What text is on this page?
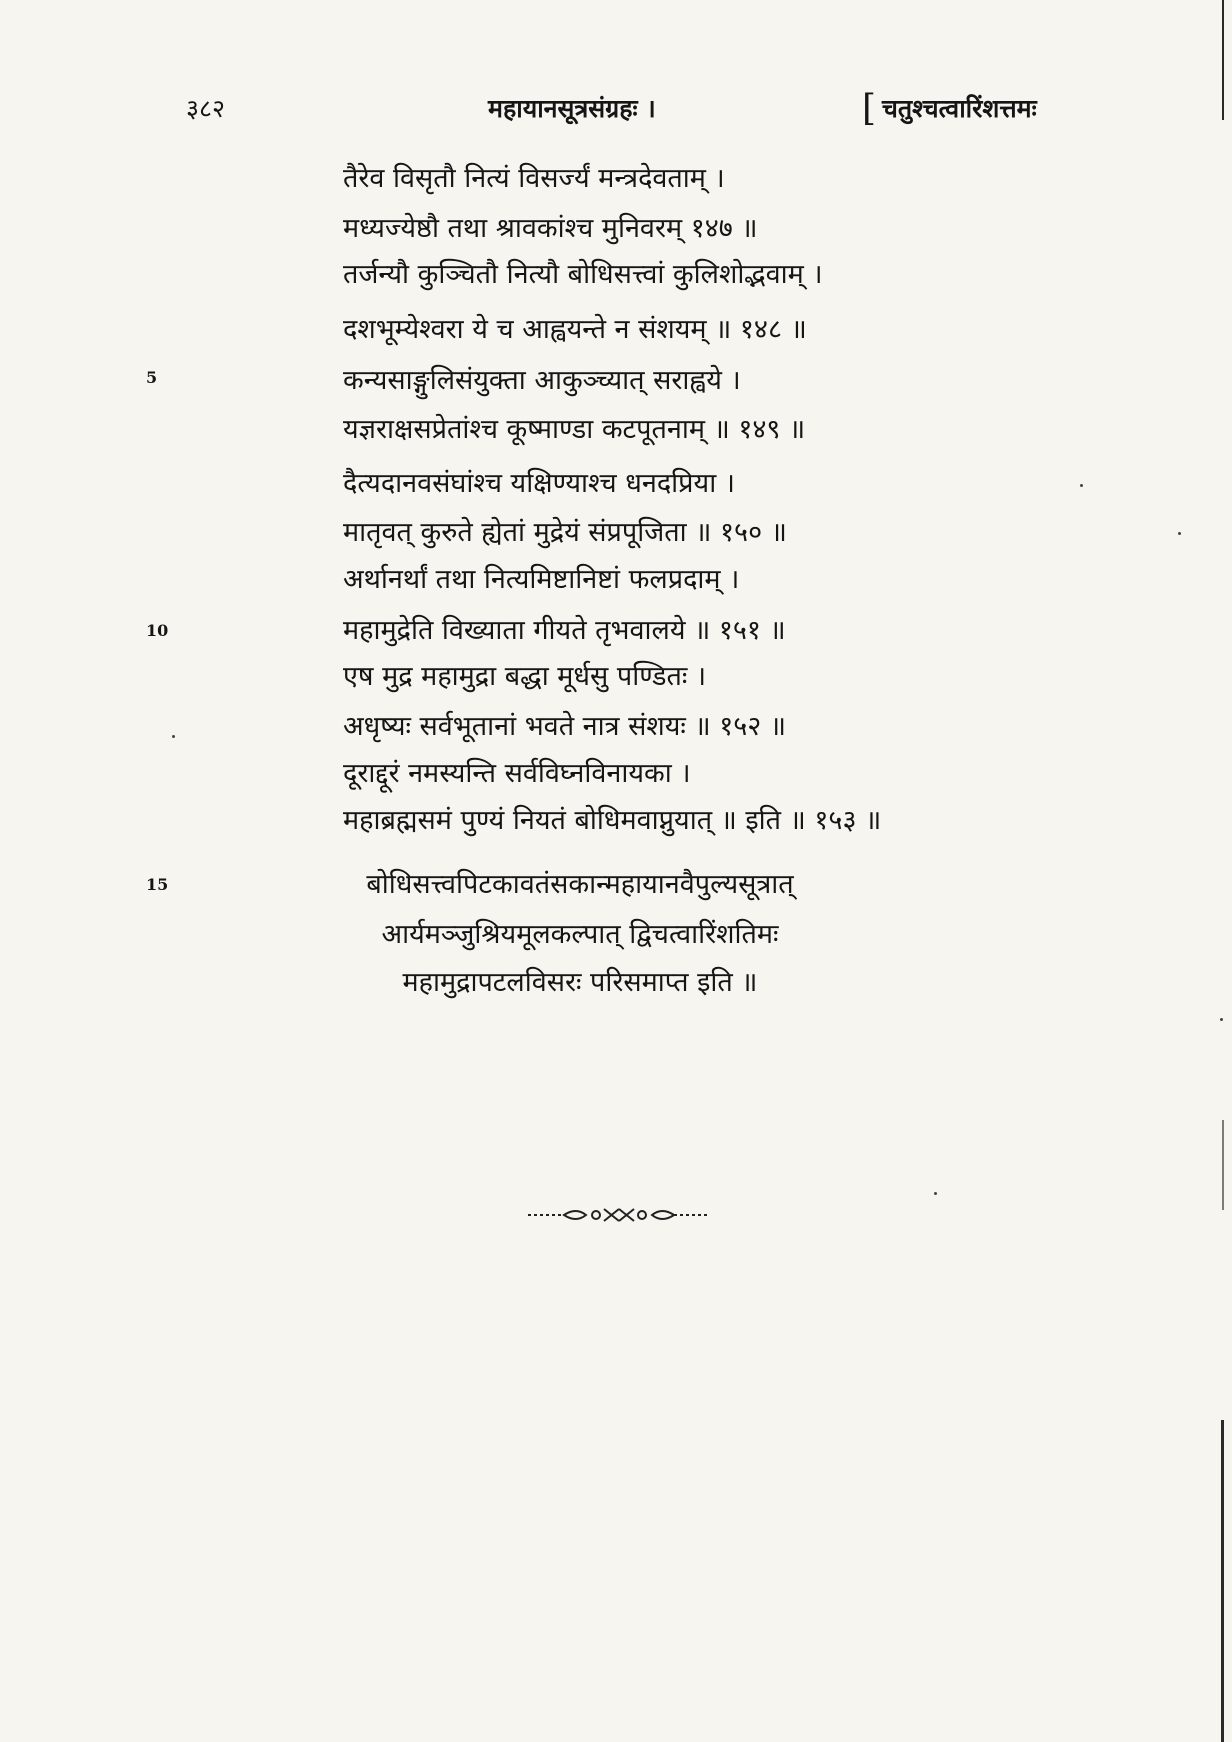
३८२	महायानसूत्रसंग्रहः ।	[ चतुश्चत्वारिंशत्तमः
तैरेव विसृतौ नित्यं विसर्ज्यं मन्त्रदेवताम् ।
मध्यज्येष्ठौ तथा श्रावकांश्च मुनिवरम् १४७ ॥
तर्जन्यौ कुञ्चितौ नित्यौ बोधिसत्त्वां कुलिशोद्भवाम् ।
दशभूम्येश्वरा ये च आह्वयन्ते न संशयम् ॥ १४८ ॥
कन्यसाङ्गुलिसंयुक्ता आकुञ्च्यात् सराह्वये ।
यज्ञराक्षसप्रेतांश्च कूष्माण्डा कटपूतनाम् ॥ १४९ ॥
दैत्यदानवसंघांश्च यक्षिण्याश्च धनदप्रिया ।
मातृवत् कुरुते ह्येतां मुद्रेयं संप्रपूजिता ॥ १५० ॥
अर्थानर्थां तथा नित्यमिष्टानिष्टां फलप्रदाम् ।
महामुद्रेति विख्याता गीयते तृभवालये ॥ १५१ ॥
एष मुद्र महामुद्रा बद्धा मूर्धसु पण्डितः ।
अधृष्यः सर्वभूतानां भवते नात्र संशयः ॥ १५२ ॥
दूराद्दूरं नमस्यन्ति सर्वविघ्नविनायका ।
महाब्रह्मसमं पुण्यं नियतं बोधिमवाप्नुयात् ॥ इति ॥ १५३ ॥
बोधिसत्त्वपिटकावतंसकान्महायानवैपुल्यसूत्रात्
आर्यमञ्जुश्रियमूलकल्पात् द्विचत्वारिंशतिमः
महामुद्रापटलविसरः परिसमाप्त इति ॥
5
10
15
